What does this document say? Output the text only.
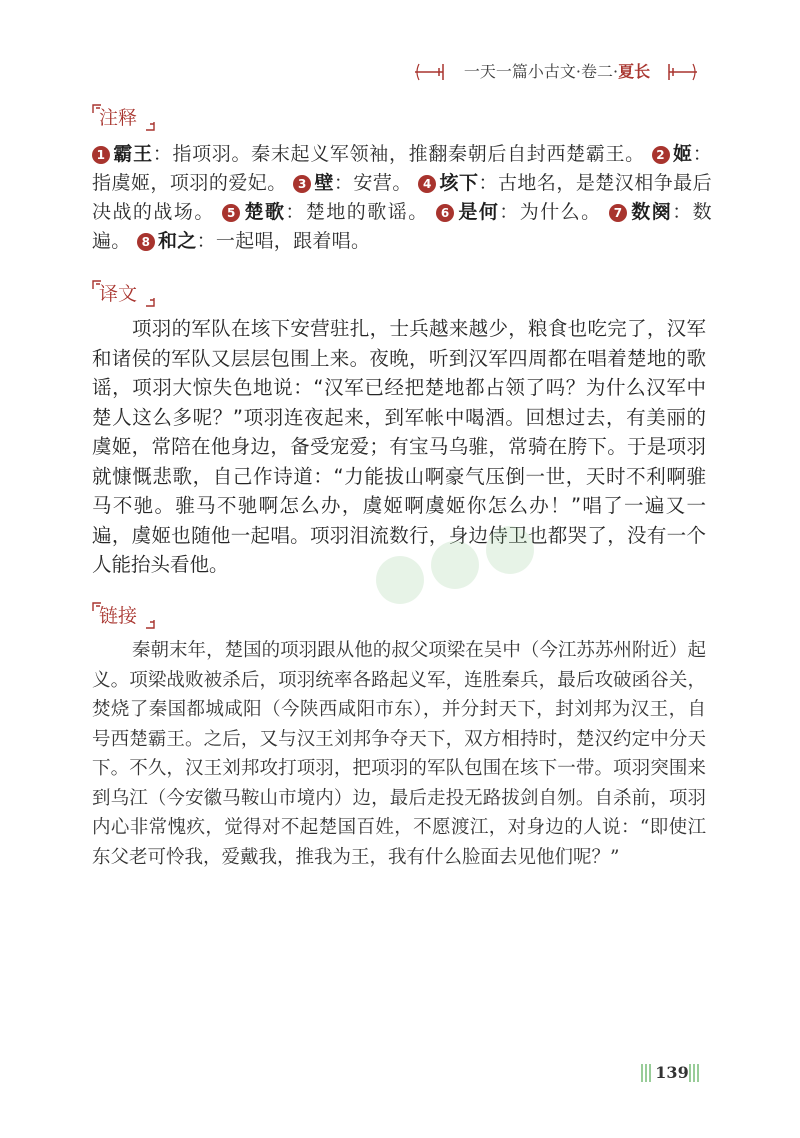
一天一篇小古文·卷二·夏长
注释
1 霸王：指项羽。秦末起义军领袖，推翻秦朝后自封西楚霸王。 2 姬：指虞姬，项羽的爱妃。 3 壁：安营。 4 垓下：古地名，是楚汉相争最后决战的战场。 5 楚歌：楚地的歌谣。 6 是何：为什么。 7 数阕：数遍。 8 和之：一起唱，跟着唱。
译文
项羽的军队在垓下安营驻扎，士兵越来越少，粮食也吃完了，汉军和诸侯的军队又层层包围上来。夜晚，听到汉军四周都在唱着楚地的歌谣，项羽大惊失色地说：“汉军已经把楚地都占领了吗？为什么汉军中楚人这么多呢？”项羽连夜起来，到军帐中喝酒。回想过去，有美丽的虞姬，常陪在他身边，备受宠爱；有宝马乌骓，常骑在胯下。于是项羽就慷慨悲歌，自己作诗道：“力能拔山啊豪气压倒一世，天时不利啊骓马不驰。骓马不驰啊怎么办，虞姬啊虞姬你怎么办！”唱了一遍又一遍，虞姬也随他一起唱。项羽泪流数行，身边侍卫也都哭了，没有一个人能抬头看他。
链接
秦朝末年，楚国的项羽跟从他的叔父项梁在吴中（今江苏苏州附近）起义。项梁战败被杀后，项羽统率各路起义军，连胜秦兵，最后攻破函谷关，焚烧了秦国都城咸阳（今陕西咸阳市东），并分封天下，封刘邦为汉王，自号西楚霸王。之后，又与汉王刘邦争夺天下，双方相持时，楚汉约定中分天下。不久，汉王刘邦攻打项羽，把项羽的军队包围在垓下一带。项羽突围来到乌江（今安徽马鞍山市境内）边，最后走投无路拔剑自刎。自杀前，项羽内心非常愧疚，觉得对不起楚国百姓，不愿渡江，对身边的人说：“即使江东父老可怜我，爱戴我，推我为王，我有什么脸面去见他们呢？”
139
